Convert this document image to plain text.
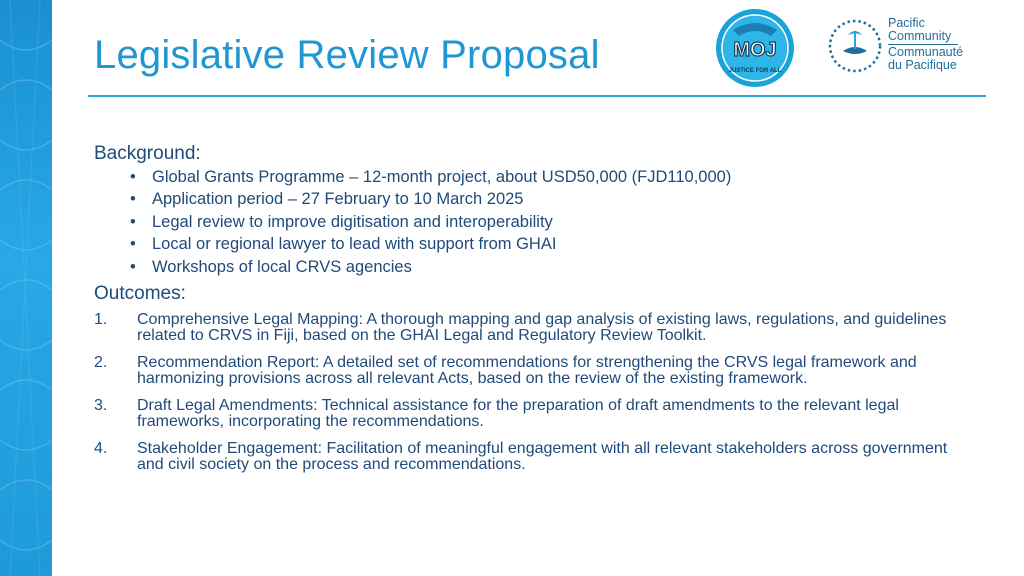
Legislative Review Proposal	MOJ
JUSTICE FOR ALL
Pacific
Community
Communauté
du Pacifique

Background:

• Global Grants Programme – 12-month project, about USD50,000 (FJD110,000)
• Application period – 27 February to 10 March 2025
• Legal review to improve digitisation and interoperability
• Local or regional lawyer to lead with support from GHAI
• Workshops of local CRVS agencies

Outcomes:

1. Comprehensive Legal Mapping: A thorough mapping and gap analysis of existing laws, regulations, and guidelines related to CRVS in Fiji, based on the GHAI Legal and Regulatory Review Toolkit.
2. Recommendation Report: A detailed set of recommendations for strengthening the CRVS legal framework and harmonizing provisions across all relevant Acts, based on the review of the existing framework.
3. Draft Legal Amendments: Technical assistance for the preparation of draft amendments to the relevant legal frameworks, incorporating the recommendations.
4. Stakeholder Engagement: Facilitation of meaningful engagement with all relevant stakeholders across government and civil society on the process and recommendations.
